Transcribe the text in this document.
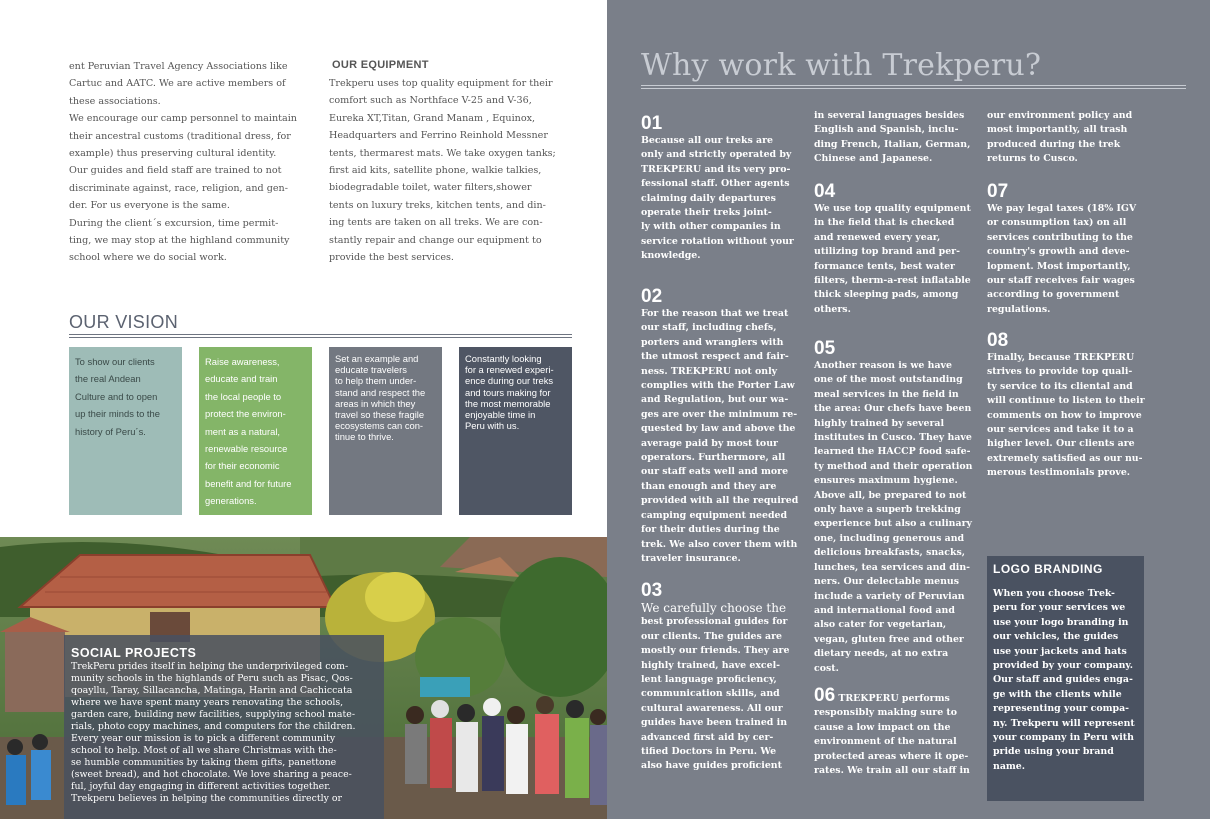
ent Peruvian Travel Agency Associations like

Cartuc and AATC. We are active members of

these associations.

We encourage our camp personnel to maintain

their ancestral customs (traditional dress, for

example) thus preserving cultural identity.

Our guides and field staff are trained to not

discriminate against, race, religion, and gen-

der. For us everyone is the same.

During the client´s excursion, time permit-

ting, we may stop at the highland community

school where we do social work.

OUR EQUIPMENT

Trekperu uses top quality equipment for their

comfort such as Northface V-25 and V-36,

Eureka XT,Titan, Grand Manam , Equinox,

Headquarters and Ferrino Reinhold Messner

tents, thermarest mats. We take oxygen tanks;

first aid kits, satellite phone, walkie talkies,

biodegradable toilet, water filters,shower

tents on luxury treks, kitchen tents, and din-

ing tents are taken on all treks. We are con-

stantly repair and change our equipment to

provide the best services.

OUR VISION
To show our clients
the real Andean
Culture and to open
up their minds to the
history of Peru´s.
Raise awareness,
educate and train
the local people to
protect the environ-
ment as a natural,
renewable resource
for their economic
benefit and for future
generations.
Set an example and
educate travelers
to help them under-
stand and respect the
areas in which they
travel so these fragile
ecosystems can con-
tinue to thrive.
Constantly looking
for a renewed experi-
ence during our treks
and tours making for
the most memorable
enjoyable time in
Peru with us.
SOCIAL PROJECTS
TrekPeru prides itself in helping the underprivileged com-
munity schools in the highlands of Peru such as Pisac, Qos-
qoayllu, Taray, Sillacancha, Matinga, Harin and Cachiccata
where we have spent many years renovating the schools,
garden care, building new facilities, supplying school mate-
rials, photo copy machines, and computers for the children.
Every year our mission is to pick a different community
school to help. Most of all we share Christmas with the-
se humble communities by taking them gifts, panettone
(sweet bread), and hot chocolate. We love sharing a peace-
ful, joyful day engaging in different activities together.
Trekperu believes in helping the communities directly or
Why work with Trekperu?
01
Because all our treks are
only and strictly operated by
TREKPERU and its very pro-
fessional staff. Other agents
claiming daily departures
operate their treks joint-
ly with other companies in
service rotation without your
knowledge.
02
For the reason that we treat
our staff, including chefs,
porters and wranglers with
the utmost respect and fair-
ness. TREKPERU not only
complies with the Porter Law
and Regulation, but our wa-
ges are over the minimum re-
quested by law and above the
average paid by most tour
operators. Furthermore, all
our staff eats well and more
than enough and they are
provided with all the required
camping equipment needed
for their duties during the
trek. We also cover them with
traveler insurance.
03
We carefully choose the
best professional guides for
our clients. The guides are
mostly our friends. They are
highly trained, have excel-
lent language proficiency,
communication skills, and
cultural awareness. All our
guides have been trained in
advanced first aid by cer-
tified Doctors in Peru. We
also have guides proficient
in several languages besides
English and Spanish, inclu-
ding French, Italian, German,
Chinese and Japanese.
04
We use top quality equipment
in the field that is checked
and renewed every year,
utilizing top brand and per-
formance tents, best water
filters, therm-a-rest inflatable
thick sleeping pads, among
others.
05
Another reason is we have
one of the most outstanding
meal services in the field in
the area: Our chefs have been
highly trained by several
institutes in Cusco. They have
learned the HACCP food safe-
ty method and their operation
ensures maximum hygiene.
Above all, be prepared to not
only have a superb trekking
experience but also a culinary
one, including generous and
delicious breakfasts, snacks,
lunches, tea services and din-
ners. Our delectable menus
include a variety of Peruvian
and international food and
also cater for vegetarian,
vegan, gluten free and other
dietary needs, at no extra
cost.
06 TREKPERU performs
responsibly making sure to
cause a low impact on the
environment of the natural
protected areas where it ope-
rates. We train all our staff in
our environment policy and
most importantly, all trash
produced during the trek
returns to Cusco.
07
We pay legal taxes (18% IGV
or consumption tax) on all
services contributing to the
country's growth and deve-
lopment. Most importantly,
our staff receives fair wages
according to government
regulations.
08
Finally, because TREKPERU
strives to provide top quali-
ty service to its cliental and
will continue to listen to their
comments on how to improve
our services and take it to a
higher level. Our clients are
extremely satisfied as our nu-
merous testimonials prove.
LOGO BRANDING
When you choose Trek-
peru for your services we
use your logo branding in
our vehicles, the guides
use your jackets and hats
provided by your company.
Our staff and guides enga-
ge with the clients while
representing your compa-
ny. Trekperu will represent
your company in Peru with
pride using your brand
name.
